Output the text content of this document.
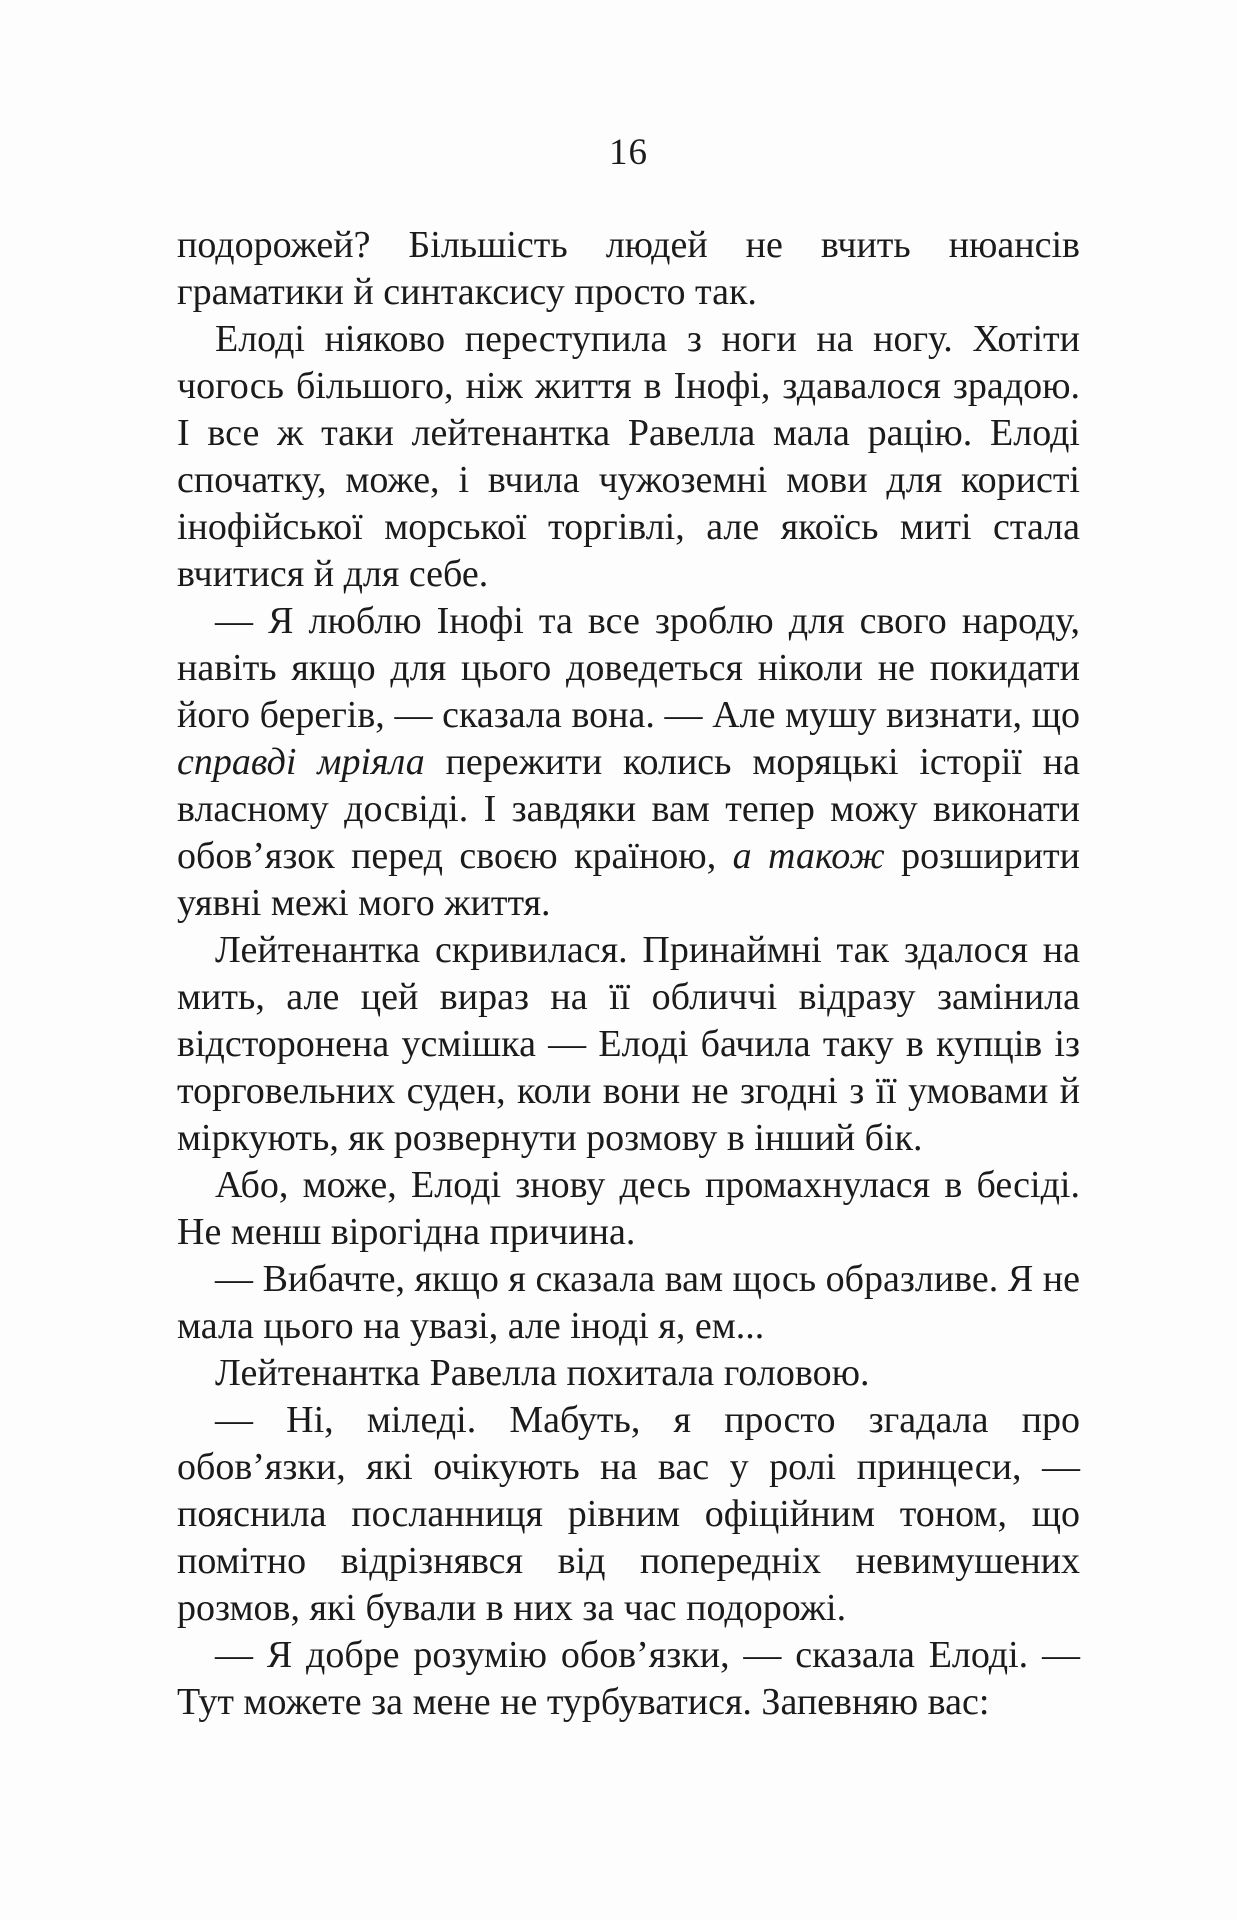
16

подорожей? Більшість людей не вчить нюансів граматики й синтаксису просто так.

Елоді ніяково переступила з ноги на ногу. Хотіти чогось більшого, ніж життя в Інофі, здавалося зрадою. І все ж таки лейтенантка Равелла мала рацію. Елоді спочатку, може, і вчила чужоземні мови для користі інофійської морської торгівлі, але якоїсь миті стала вчитися й для себе.

— Я люблю Інофі та все зроблю для свого народу, навіть якщо для цього доведеться ніколи не покидати його берегів, — сказала вона. — Але мушу визнати, що справді мріяла пережити колись моряцькі історії на власному досвіді. І завдяки вам тепер можу виконати обов’язок перед своєю країною, а також розширити уявні межі мого життя.

Лейтенантка скривилася. Принаймні так здалося на мить, але цей вираз на її обличчі відразу замінила відсторонена усмішка — Елоді бачила таку в купців із торговельних суден, коли вони не згодні з її умовами й міркують, як розвернути розмову в інший бік.

Або, може, Елоді знову десь промахнулася в бесіді. Не менш вірогідна причина.

— Вибачте, якщо я сказала вам щось образливе. Я не мала цього на увазі, але іноді я, ем...

Лейтенантка Равелла похитала головою.

— Ні, міледі. Мабуть, я просто згадала про обов’язки, які очікують на вас у ролі принцеси, — пояснила посланниця рівним офіційним тоном, що помітно відрізнявся від попередніх невимушених розмов, які бували в них за час подорожі.

— Я добре розумію обов’язки, — сказала Елоді. — Тут можете за мене не турбуватися. Запевняю вас:
